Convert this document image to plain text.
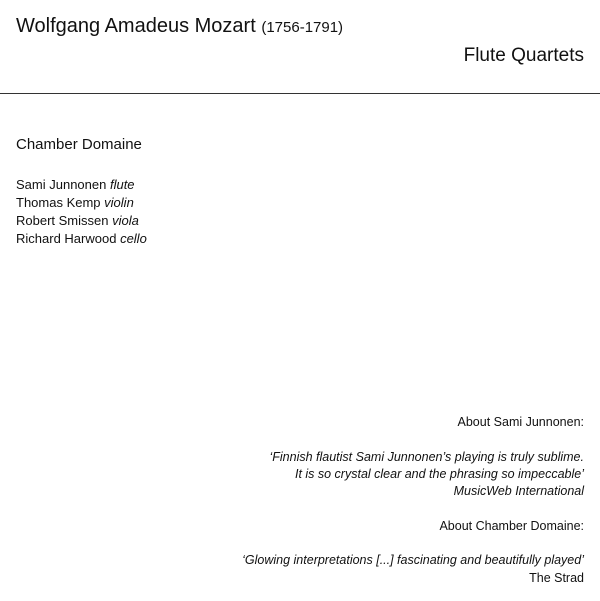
Wolfgang Amadeus Mozart (1756-1791)
Flute Quartets
Chamber Domaine
Sami Junnonen flute
Thomas Kemp violin
Robert Smissen viola
Richard Harwood cello
About Sami Junnonen:
‘Finnish flautist Sami Junnonen’s playing is truly sublime.
It is so crystal clear and the phrasing so impeccable’
MusicWeb International
About Chamber Domaine:
‘Glowing interpretations [...] fascinating and beautifully played’
The Strad
